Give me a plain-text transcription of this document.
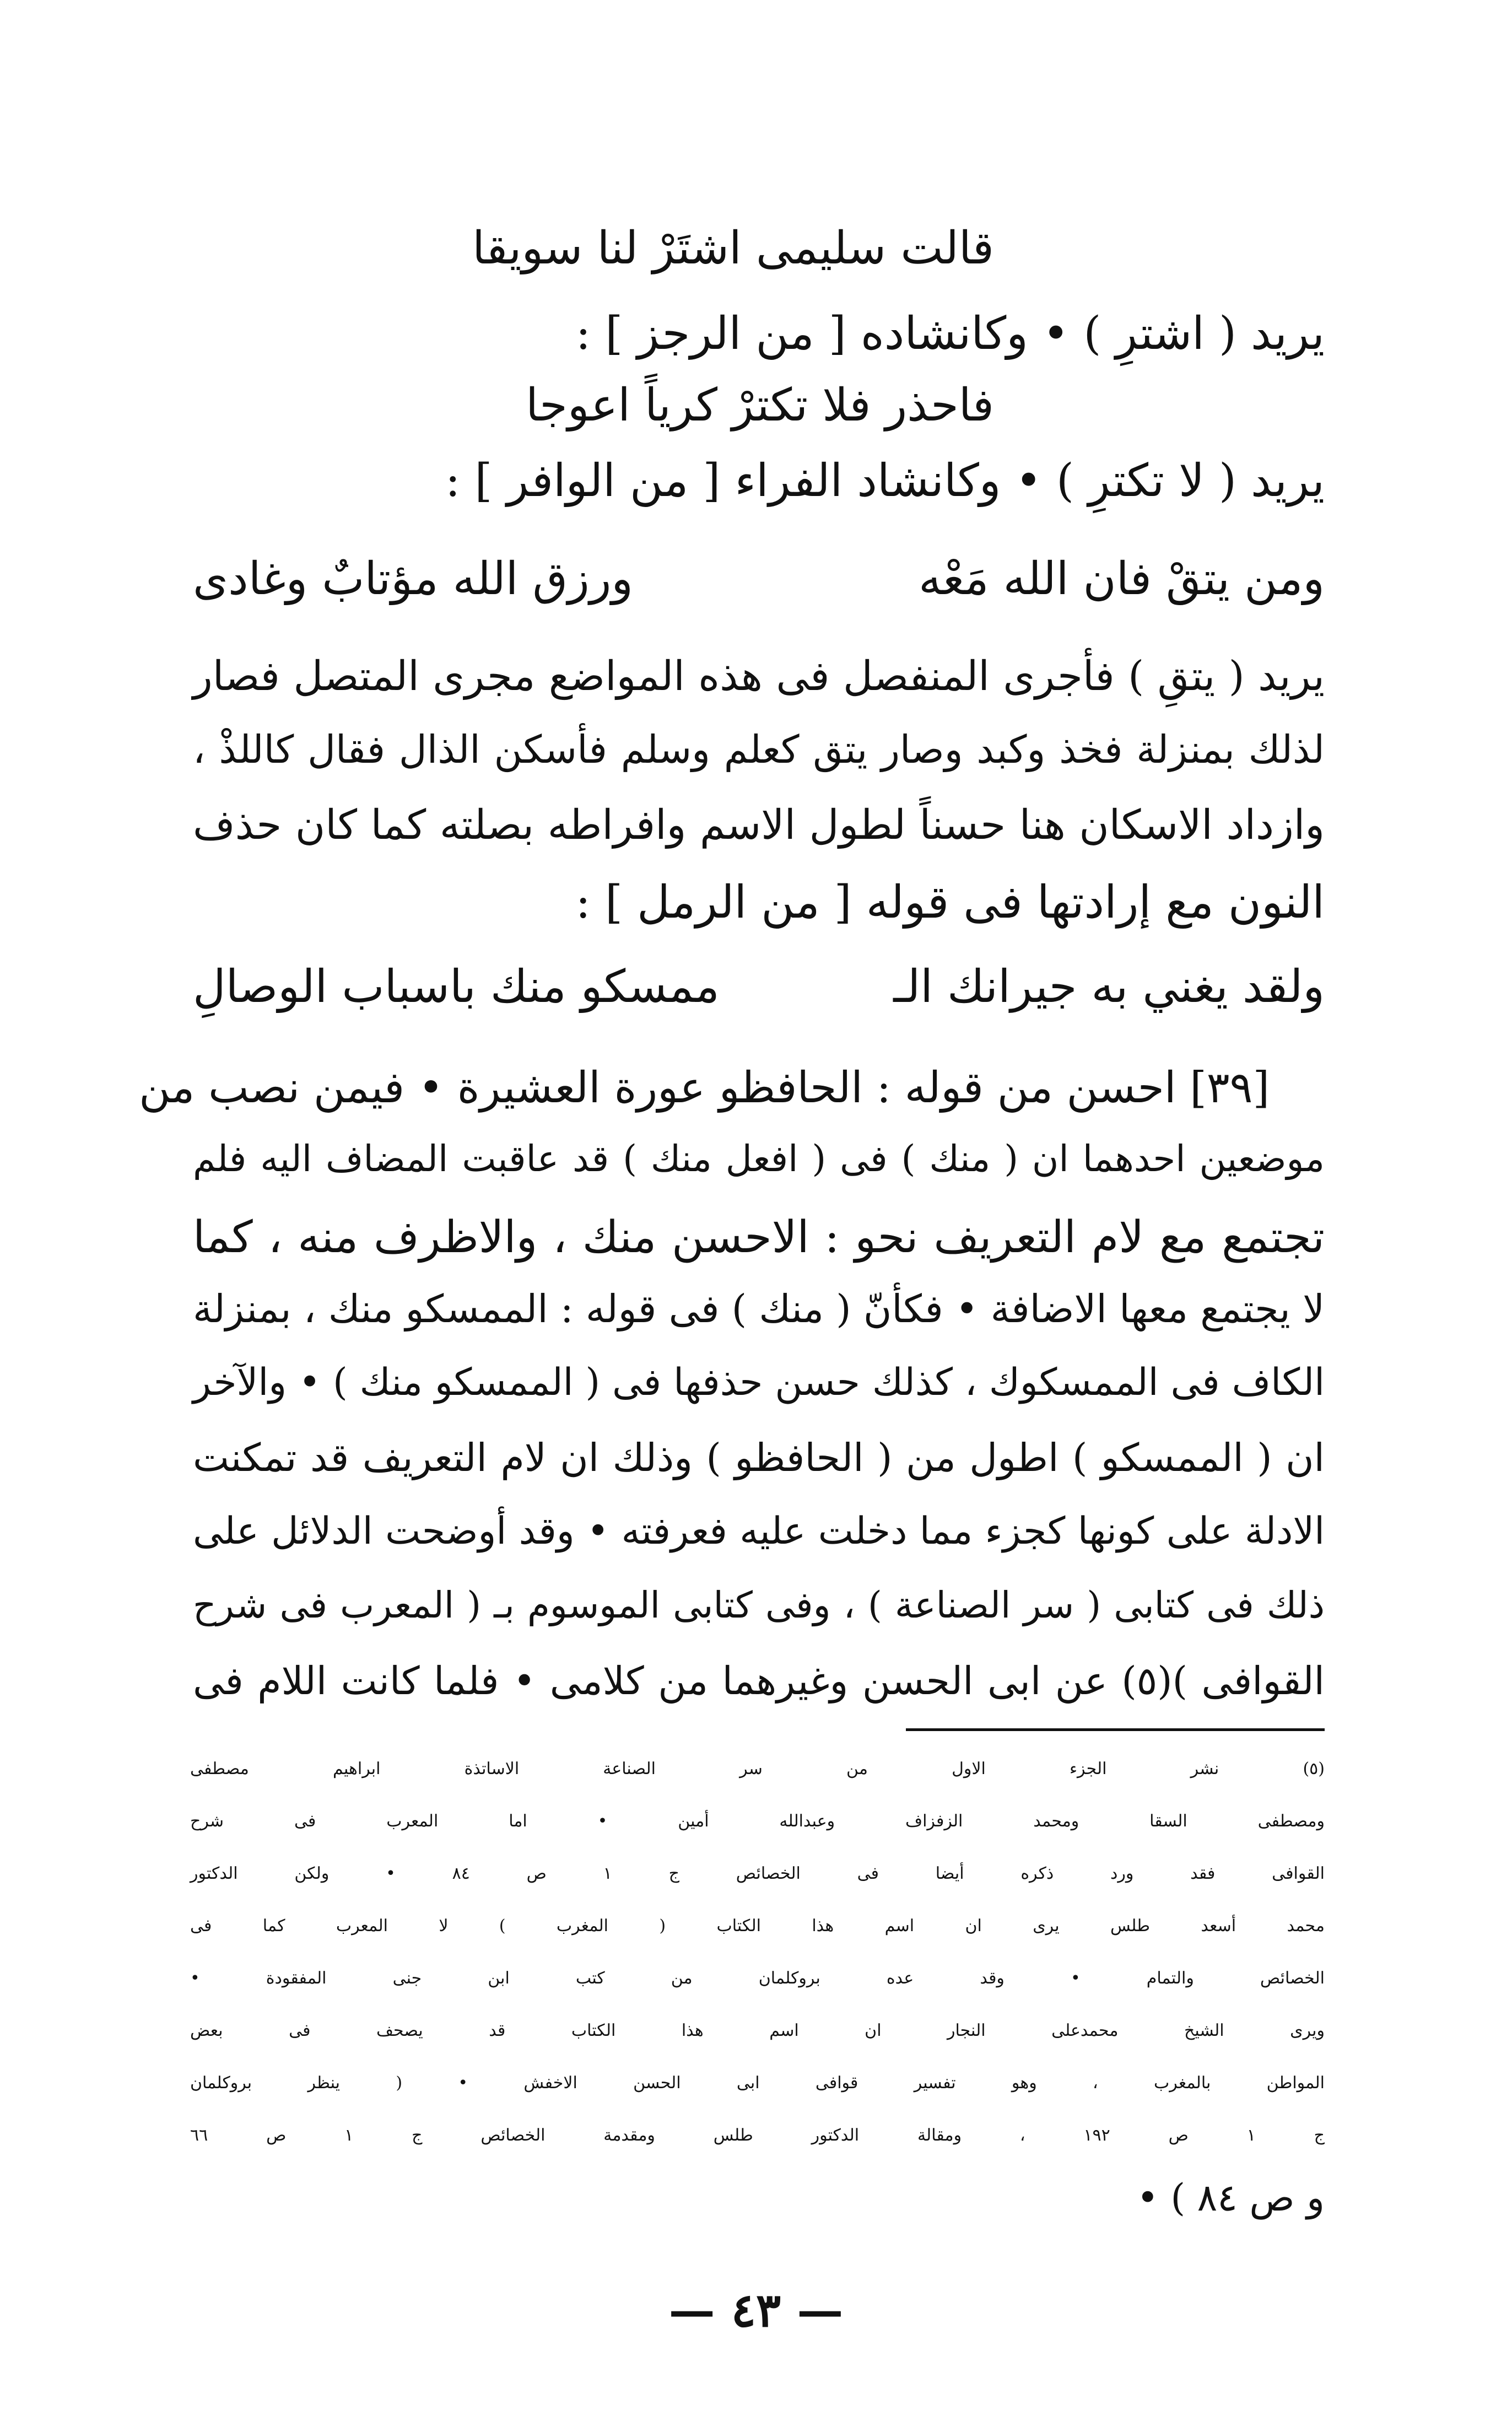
قالت سليمى اشتَرْ لنا سويقا
يريد ( اشترِ ) • وكانشاده [ من الرجز ] :
فاحذر فلا تكترْ كرياً اعوجا
يريد ( لا تكترِ ) • وكانشاد الفراء [ من الوافر ] :
ومن يتقْ فان الله مَعْه
ورزق الله مؤتابٌ وغادى
يريد ( يتقِ ) فأجرى المنفصل فى هذه المواضع مجرى المتصل فصار
لذلك بمنزلة فخذ وكبد وصار يتق كعلم وسلم فأسكن الذال فقال كاللذْ ،
وازداد الاسكان هنا حسناً لطول الاسم وافراطه بصلته كما كان حذف
النون مع إرادتها فى قوله [ من الرمل ] :
ولقد يغني به جيرانك الـ
ممسكو منك باسباب الوصالِ
[٣٩] احسن من قوله : الحافظو عورة العشيرة • فيمن نصب من
موضعين احدهما ان ( منك ) فى ( افعل منك ) قد عاقبت المضاف اليه فلم
تجتمع مع لام التعريف نحو : الاحسن منك ، والاظرف منه ، كما
لا يجتمع معها الاضافة • فكأنّ ( منك ) فى قوله : الممسكو منك ، بمنزلة
الكاف فى الممسكوك ، كذلك حسن حذفها فى ( الممسكو منك ) • والآخر
ان ( الممسكو ) اطول من ( الحافظو ) وذلك ان لام التعريف قد تمكنت
الادلة على كونها كجزء مما دخلت عليه فعرفته • وقد أوضحت الدلائل على
ذلك فى كتابى ( سر الصناعة ) ، وفى كتابى الموسوم بـ ( المعرب فى شرح
القوافى )(٥) عن ابى الحسن وغيرهما من كلامى • فلما كانت اللام فى
(٥) نشر الجزء الاول من سر الصناعة الاساتذة ابراهيم مصطفى
ومصطفى السقا ومحمد الزفزاف وعبدالله أمين • اما المعرب فى شرح
القوافى فقد ورد ذكره أيضا فى الخصائص ج ١ ص ٨٤ • ولكن الدكتور
محمد أسعد طلس يرى ان اسم هذا الكتاب ( المغرب ) لا المعرب كما فى
الخصائص والتمام • وقد عده بروكلمان من كتب ابن جنى المفقودة •
ويرى الشيخ محمدعلى النجار ان اسم هذا الكتاب قد يصحف فى بعض
المواطن بالمغرب ، وهو تفسير قوافى ابى الحسن الاخفش • ( ينظر بروكلمان
ج ١ ص ١٩٢ ، ومقالة الدكتور طلس ومقدمة الخصائص ج ١ ص ٦٦
و ص ٨٤ ) •
— ٤٣ —
